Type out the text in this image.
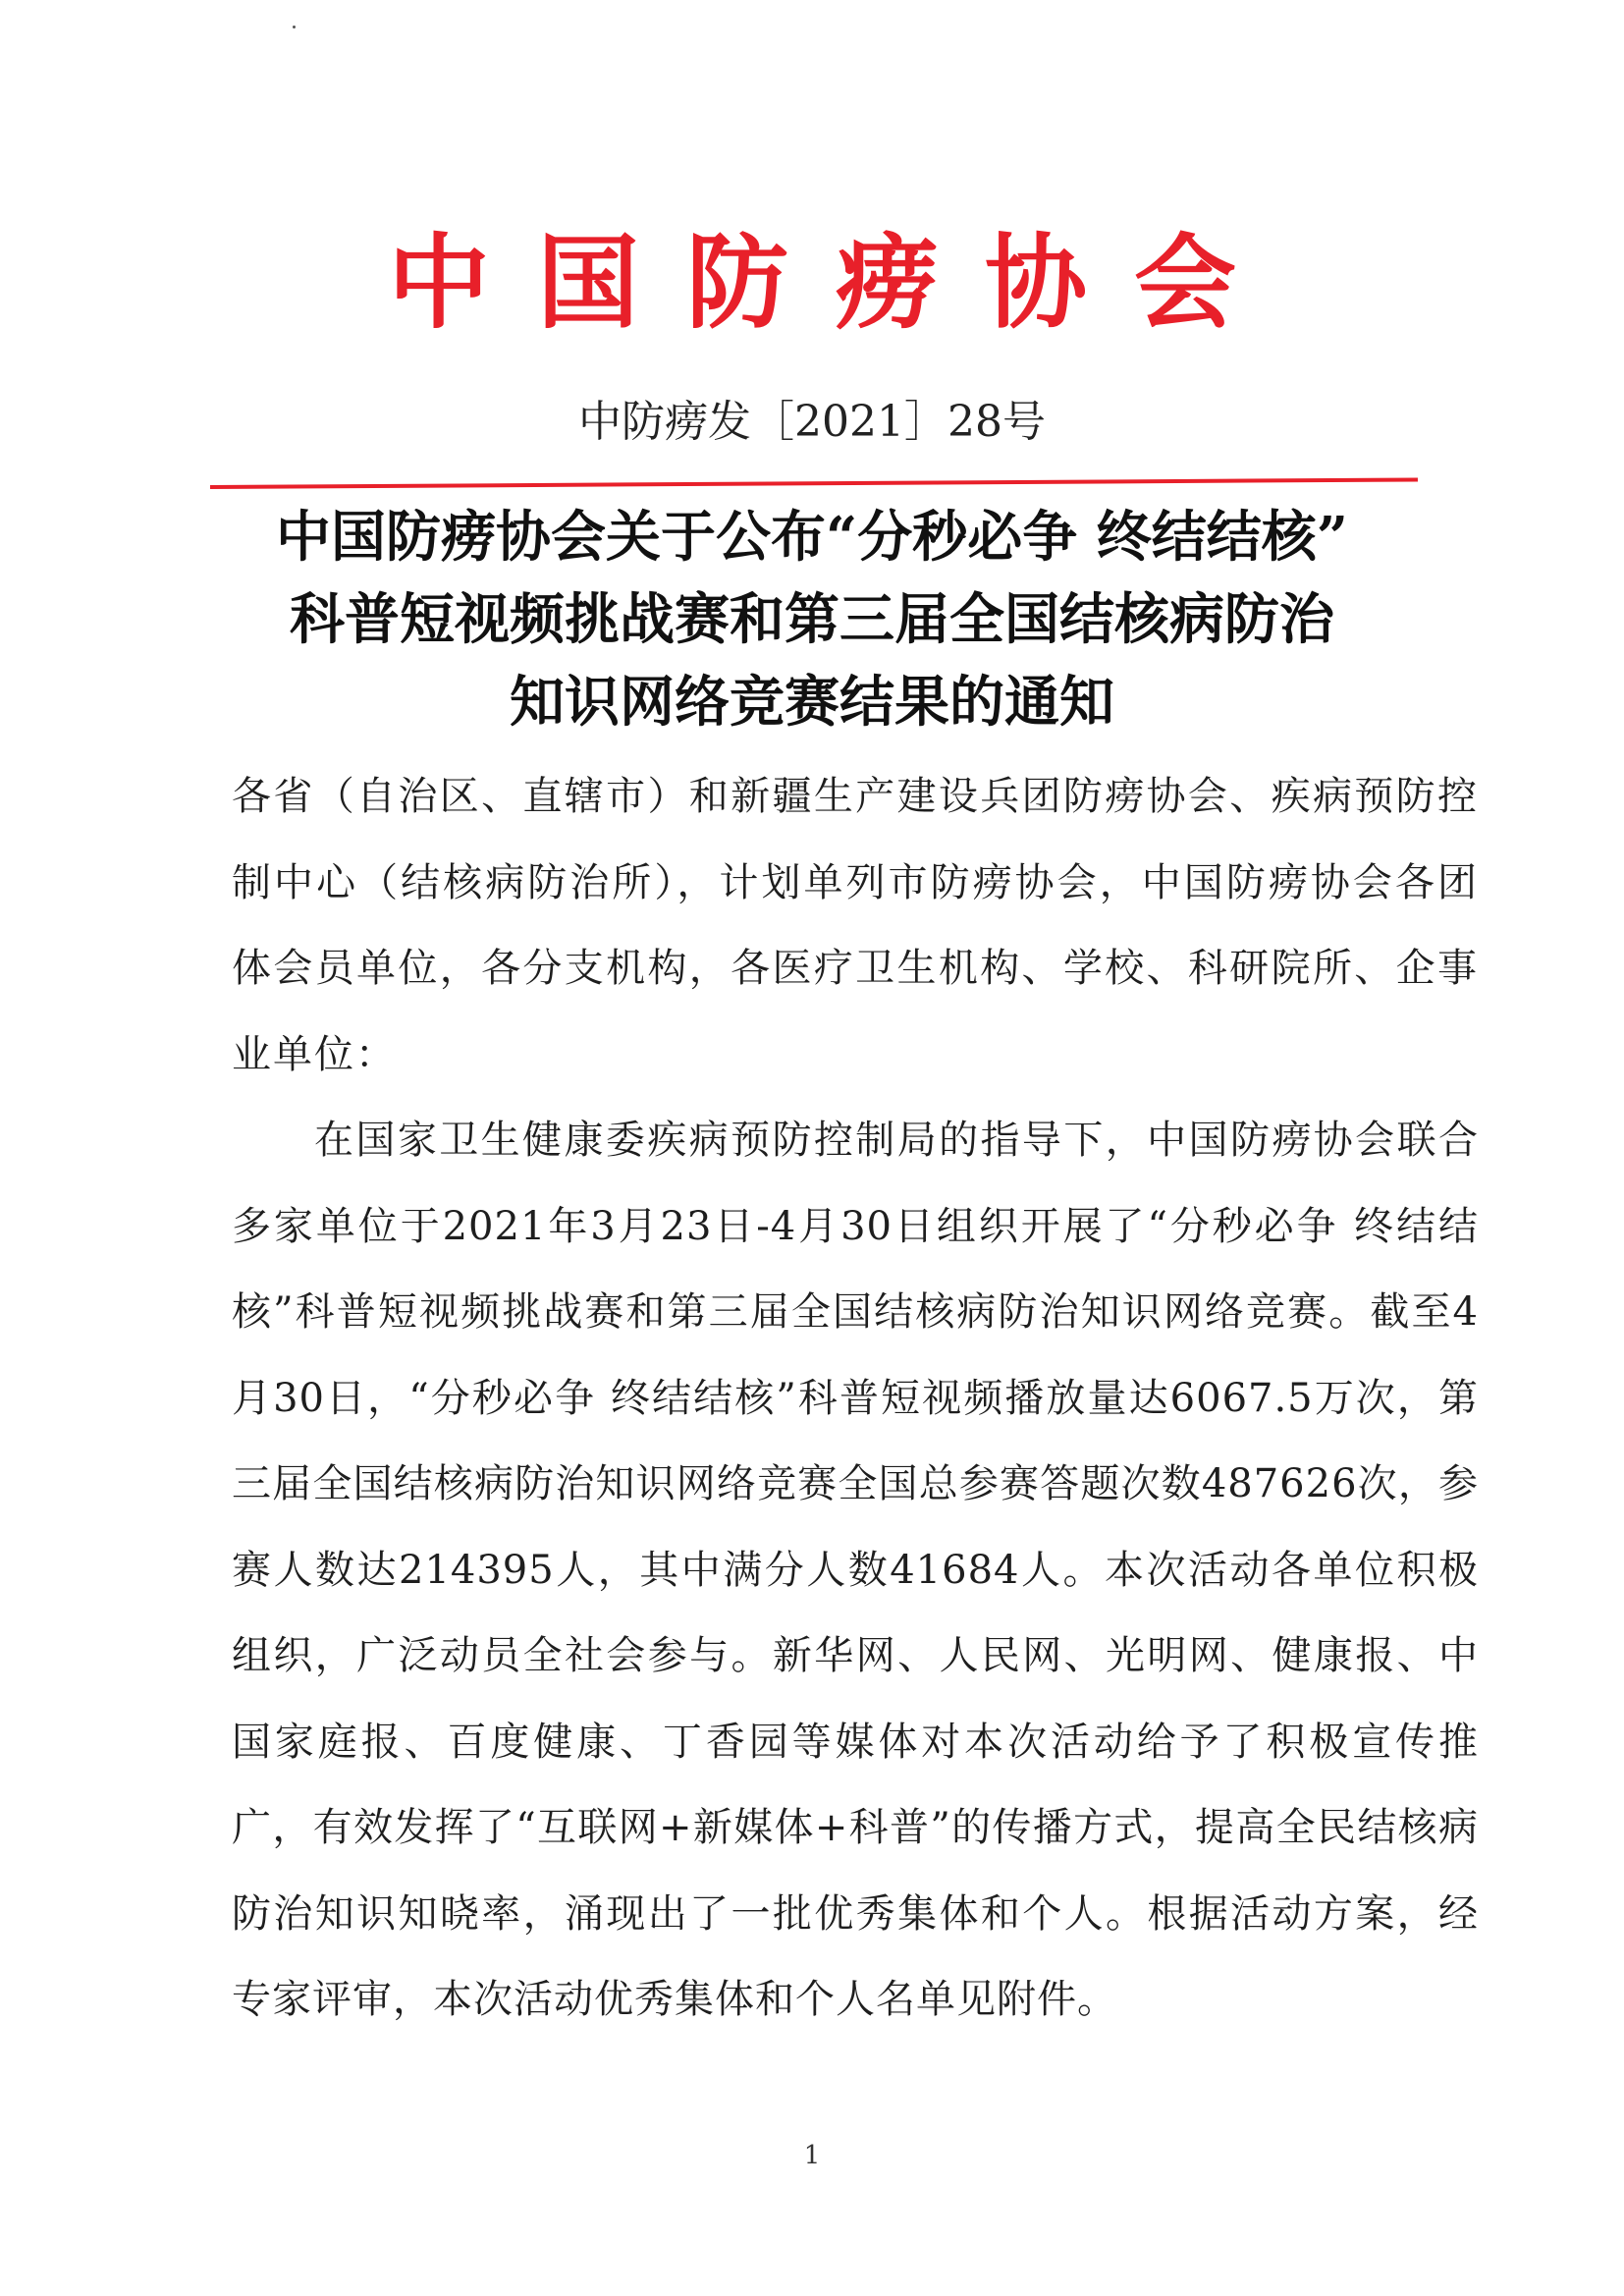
中国防痨协会
中防痨发［2021］28号
中国防痨协会关于公布“分秒必争 终结结核”
科普短视频挑战赛和第三届全国结核病防治
知识网络竞赛结果的通知

各省（自治区、直辖市）和新疆生产建设兵团防痨协会、疾病预防控制中心（结核病防治所），计划单列市防痨协会，中国防痨协会各团体会员单位，各分支机构，各医疗卫生机构、学校、科研院所、企事业单位：

在国家卫生健康委疾病预防控制局的指导下，中国防痨协会联合多家单位于2021年3月23日-4月30日组织开展了“分秒必争 终结结核”科普短视频挑战赛和第三届全国结核病防治知识网络竞赛。截至4月30日，“分秒必争 终结结核”科普短视频播放量达6067.5万次，第三届全国结核病防治知识网络竞赛全国总参赛答题次数487626次，参赛人数达214395人，其中满分人数41684人。本次活动各单位积极组织，广泛动员全社会参与。新华网、人民网、光明网、健康报、中国家庭报、百度健康、丁香园等媒体对本次活动给予了积极宣传推广，有效发挥了“互联网+新媒体+科普”的传播方式，提高全民结核病防治知识知晓率，涌现出了一批优秀集体和个人。根据活动方案，经专家评审，本次活动优秀集体和个人名单见附件。

1
